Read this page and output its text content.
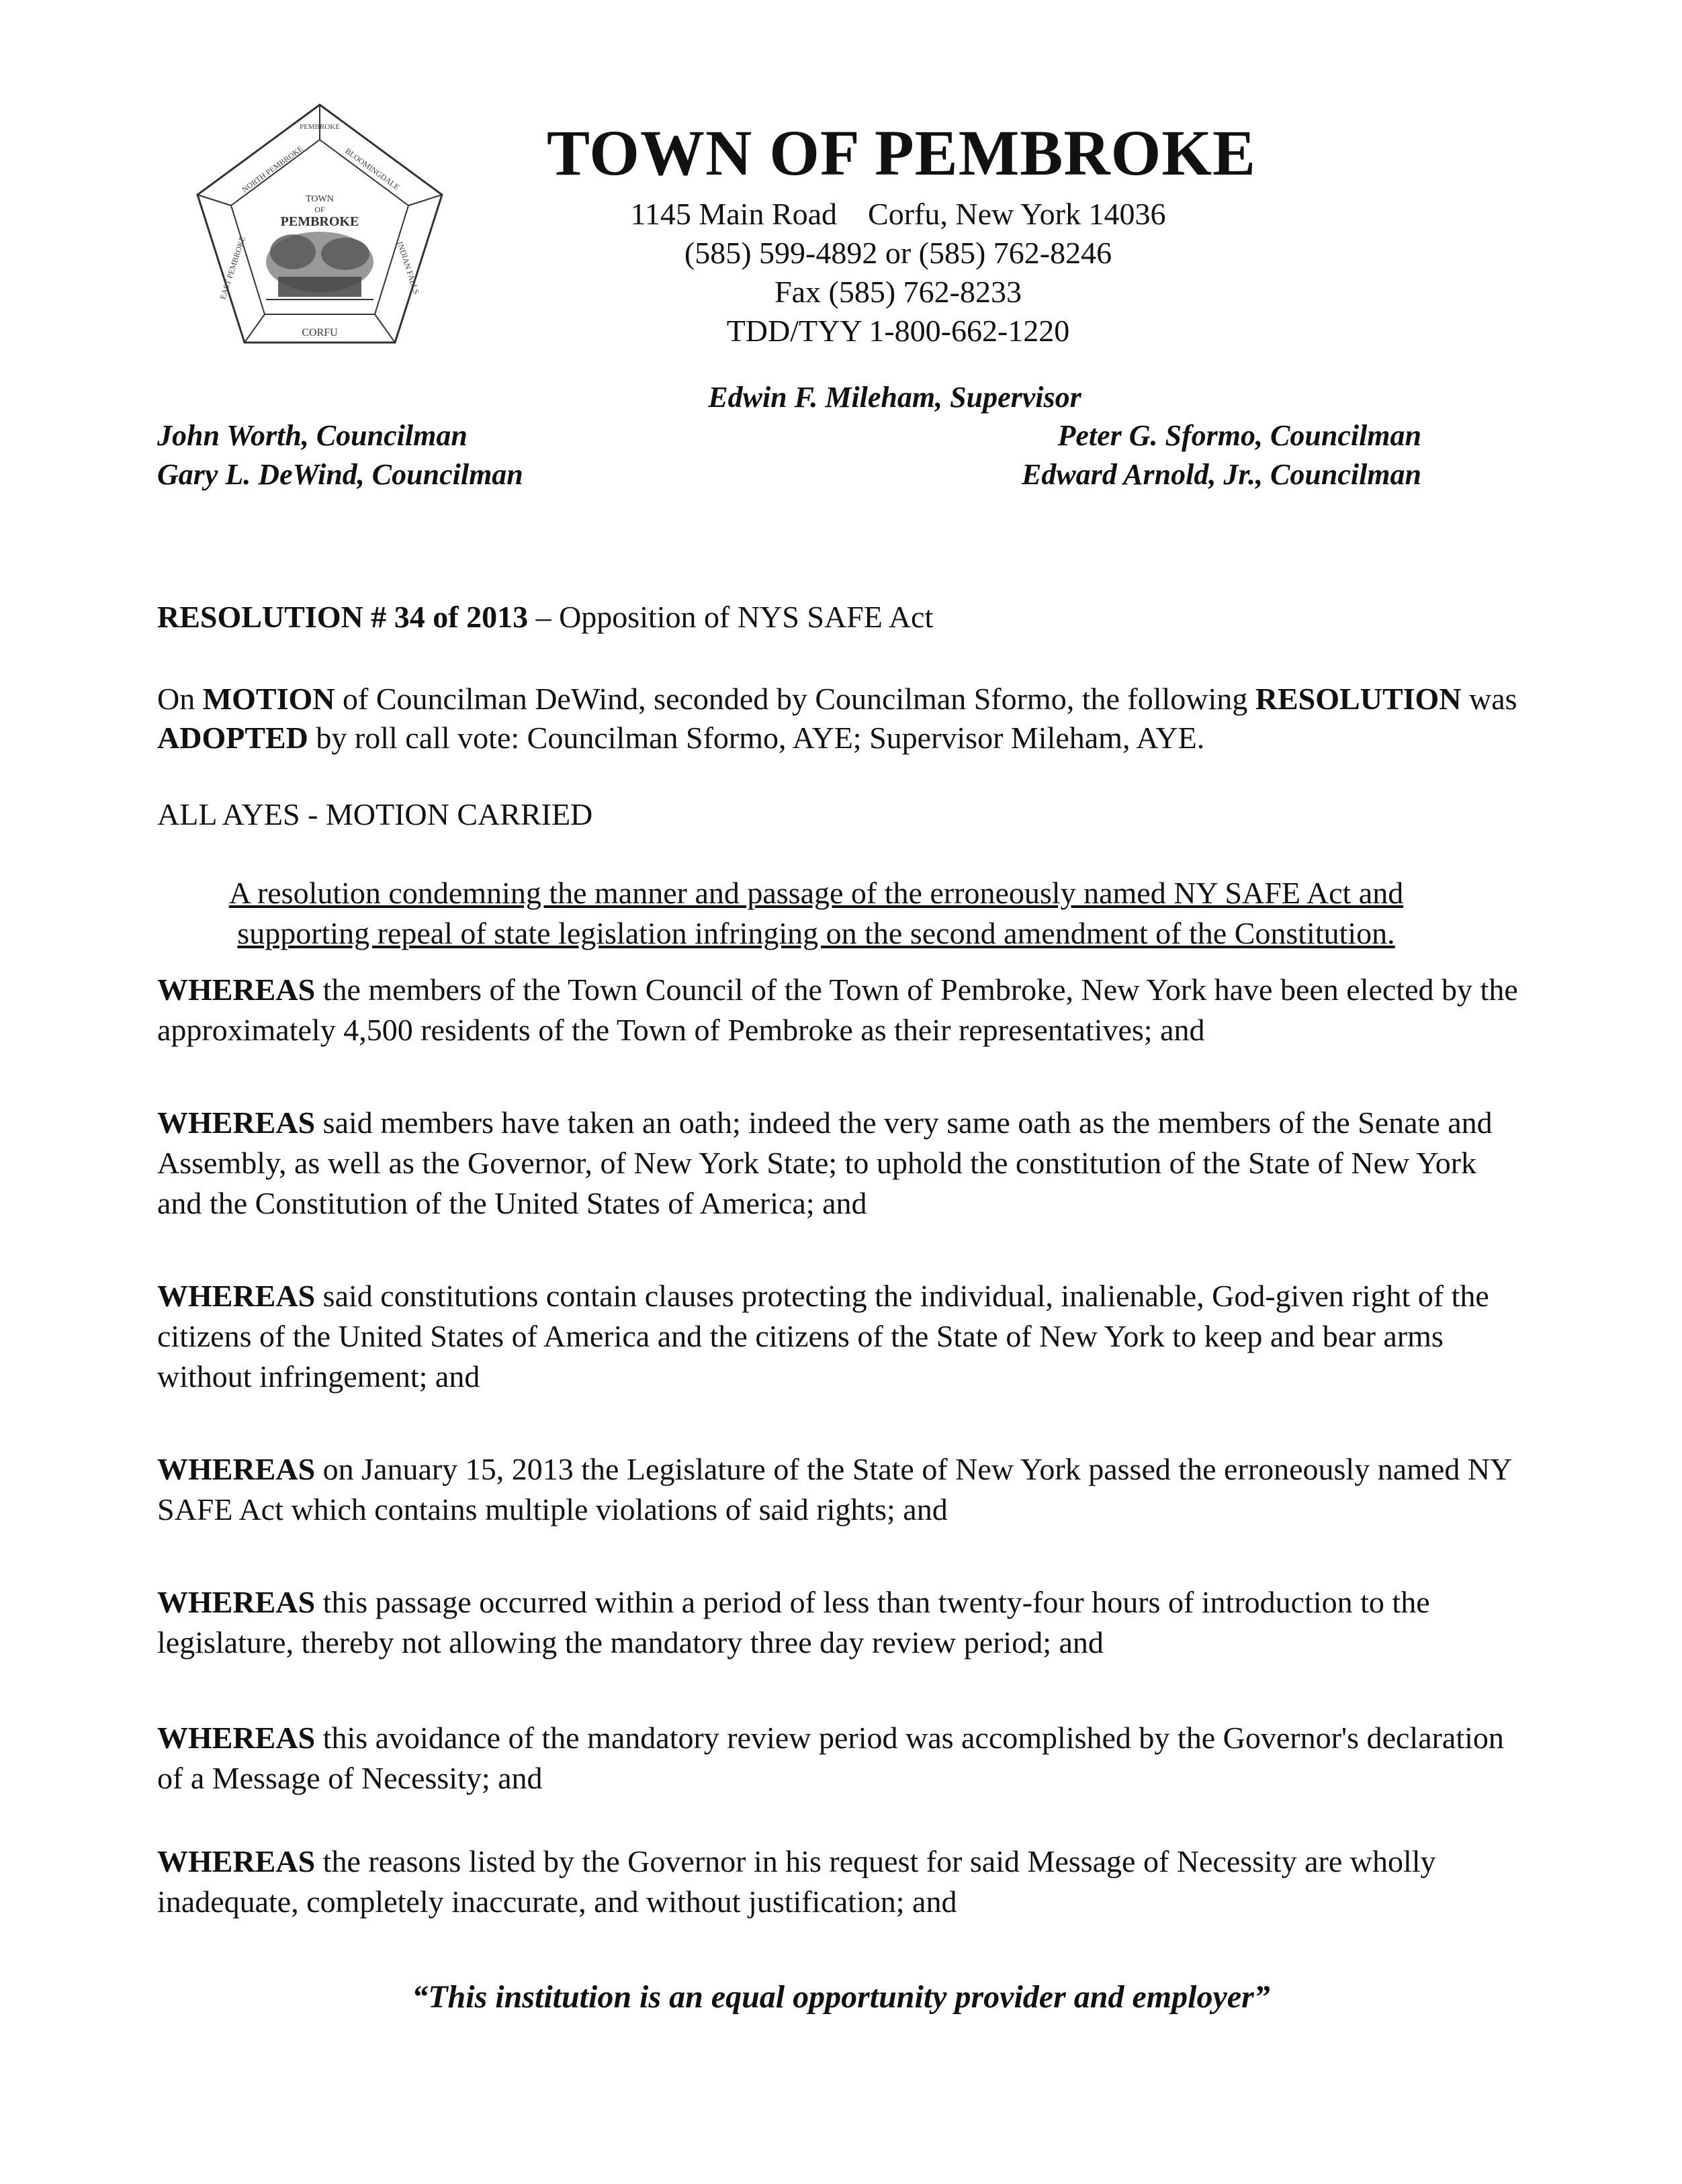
TOWN
OF
PEMBROKE
CORFU
NORTH PEMBROKE	BLOOMINGDALE
INDIAN FALLS
EAST PEMBROKE
PEMBROKE	TOWN OF PEMBROKE
1145 Main Road    Corfu, New York 14036
(585) 599-4892 or (585) 762-8246
Fax (585) 762-8233
TDD/TYY 1-800-662-1220
Edwin F. Mileham, Supervisor
John Worth, Councilman
Gary L. DeWind, Councilman
Peter G. Sformo, Councilman
Edward Arnold, Jr., Councilman
RESOLUTION # 34 of 2013 – Opposition of NYS SAFE Act
On MOTION of Councilman DeWind, seconded by Councilman Sformo, the following RESOLUTION was ADOPTED by roll call vote: Councilman Sformo, AYE; Supervisor Mileham, AYE.
ALL AYES - MOTION CARRIED
A resolution condemning the manner and passage of the erroneously named NY SAFE Act and
supporting repeal of state legislation infringing on the second amendment of the Constitution.

WHEREAS the members of the Town Council of the Town of Pembroke, New York have been elected by the approximately 4,500 residents of the Town of Pembroke as their representatives; and

WHEREAS said members have taken an oath; indeed the very same oath as the members of the Senate and Assembly, as well as the Governor, of New York State; to uphold the constitution of the State of New York and the Constitution of the United States of America; and

WHEREAS said constitutions contain clauses protecting the individual, inalienable, God-given right of the citizens of the United States of America and the citizens of the State of New York to keep and bear arms without infringement; and

WHEREAS on January 15, 2013 the Legislature of the State of New York passed the erroneously named NY SAFE Act which contains multiple violations of said rights; and

WHEREAS this passage occurred within a period of less than twenty-four hours of introduction to the legislature, thereby not allowing the mandatory three day review period; and

WHEREAS this avoidance of the mandatory review period was accomplished by the Governor's declaration of a Message of Necessity; and

WHEREAS the reasons listed by the Governor in his request for said Message of Necessity are wholly inadequate, completely inaccurate, and without justification; and

“This institution is an equal opportunity provider and employer”
